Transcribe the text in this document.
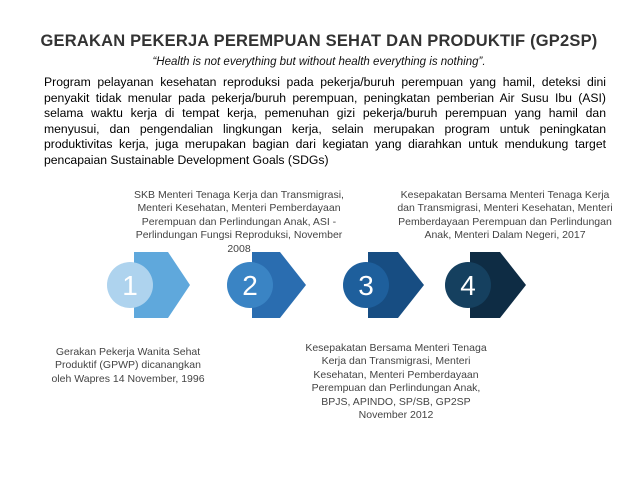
GERAKAN PEKERJA PEREMPUAN SEHAT DAN PRODUKTIF (GP2SP)
“Health is not everything but without health everything is nothing”.
Program pelayanan kesehatan reproduksi pada pekerja/buruh perempuan yang hamil, deteksi dini penyakit tidak menular pada pekerja/buruh perempuan, peningkatan pemberian Air Susu Ibu (ASI) selama waktu kerja di tempat kerja, pemenuhan gizi pekerja/buruh perempuan yang hamil dan menyusui, dan pengendalian lingkungan kerja, selain merupakan program untuk peningkatan produktivitas kerja, juga merupakan bagian dari kegiatan yang diarahkan untuk mendukung target pencapaian Sustainable Development Goals (SDGs)
1	2	3	4
SKB Menteri Tenaga Kerja dan Transmigrasi, Menteri Kesehatan, Menteri Pemberdayaan Perempuan dan Perlindungan Anak, ASI - Perlindungan Fungsi Reproduksi, November 2008
Kesepakatan Bersama Menteri Tenaga Kerja dan Transmigrasi, Menteri Kesehatan, Menteri Pemberdayaan Perempuan dan Perlindungan Anak, Menteri Dalam Negeri, 2017
Gerakan Pekerja Wanita Sehat Produktif (GPWP) dicanangkan oleh Wapres 14 November, 1996
Kesepakatan Bersama Menteri Tenaga Kerja dan Transmigrasi, Menteri Kesehatan, Menteri Pemberdayaan Perempuan dan Perlindungan Anak, BPJS, APINDO, SP/SB, GP2SP November 2012
